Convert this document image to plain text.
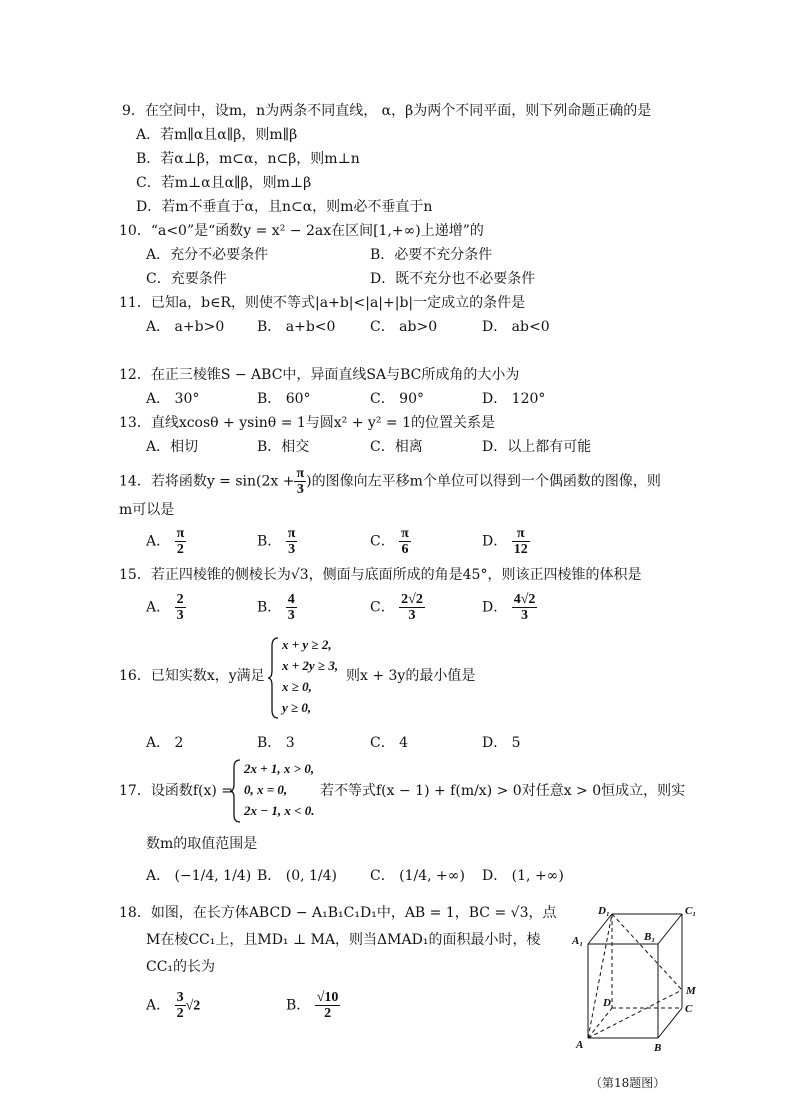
9．在空间中，设m，n为两条不同直线， α，β为两个不同平面，则下列命题正确的是
A．若m∥α且α∥β，则m∥β
B．若α⊥β，m⊂α，n⊂β，则m⊥n
C．若m⊥α且α∥β，则m⊥β
D．若m不垂直于α，且n⊂α，则m必不垂直于n
10．“a<0”是“函数y = x² − 2ax在区间[1,+∞)上递增”的
A．充分不必要条件	B．必要不充分条件
C．充要条件	D．既不充分也不必要条件
11．已知a，b∈R，则使不等式|a+b|<|a|+|b|一定成立的条件是
A． a+b>0 B． a+b<0 C． ab>0	D． ab<0
12．在正三棱锥S − ABC中，异面直线SA与BC所成角的大小为
A． 30°	B． 60°	C． 90°	D． 120°
13．直线xcosθ + ysinθ = 1与圆x² + y² = 1的位置关系是
A．相切	B．相交	C．相离	D．以上都有可能
14．若将函数$y = \sin(2x + \frac{\pi}{3}$ )的图像向左平移m个单位可以得到一个偶函数的图像，则
m可以是
A． $\frac{\pi}{2}$	B． $\frac{\pi}{3}$	C． $\frac{\pi}{6}$	D． $\frac{\pi}{12}$
15．若正四棱锥的侧棱长为√3，侧面与底面所成的角是45°，则该正四棱锥的体积是
A． $\frac{2}{3}$	B． $\frac{4}{3}$	C． $\frac{2√2}{3}$	D． $\frac{4√2}{3}$
16．已知实数x，y满足
x + y ≥ 2,
x + 2y ≥ 3,
x ≥ 0,
y ≥ 0,
则x + 3y的最小值是
A． 2	B． 3	C． 4	D． 5
17．设函数f(x) =
2x + 1, x > 0,
0, x = 0,
2x − 1, x < 0.
若不等式f(x − 1) + f(m/x) > 0对任意x > 0恒成立，则实
数m的取值范围是
A． (−1/4, 1/4) B． (0, 1/4) C． (1/4, +∞) D． (1, +∞)
18．如图，在长方体ABCD − A₁B₁C₁D₁中，AB = 1，BC = √3，点
M在棱CC₁上，且MD₁ ⊥ MA，则当ΔMAD₁的面积最小时，棱
CC₁的长为
A． $\frac{3}{2} √2$	B． $\frac{√10}{2}$
D₁	C₁
A₁	B₁
M
D	C
A	B
（第18题图）
